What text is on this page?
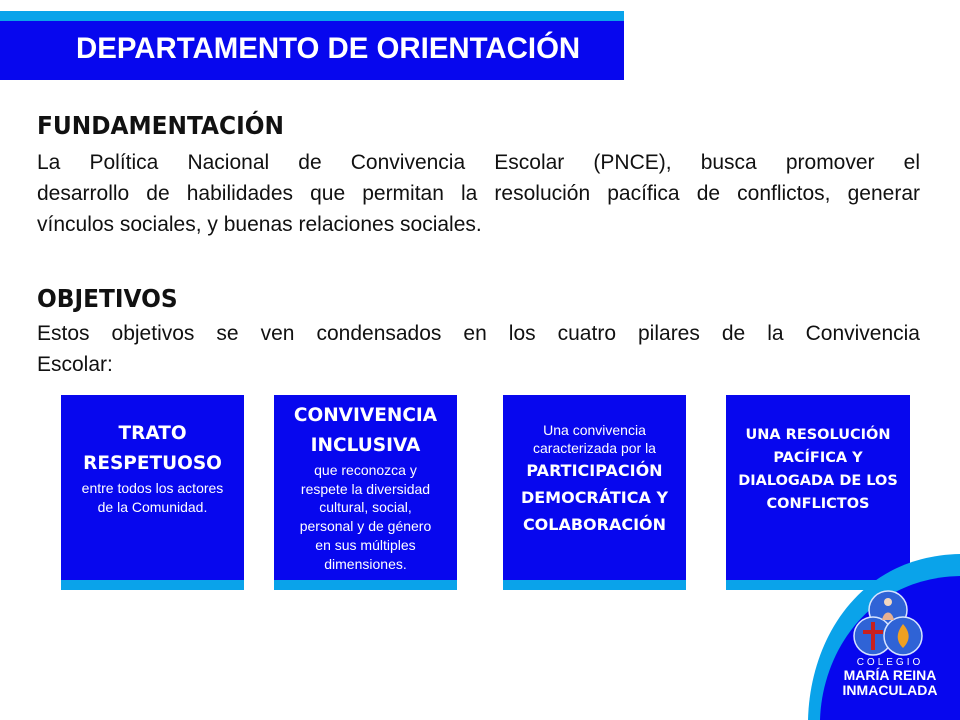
DEPARTAMENTO DE ORIENTACIÓN
FUNDAMENTACIÓN
La Política Nacional de Convivencia Escolar (PNCE), busca promover el
desarrollo de habilidades que permitan la resolución pacífica de conflictos, generar
vínculos sociales, y buenas relaciones sociales.
OBJETIVOS
Estos objetivos se ven condensados en los cuatro pilares de la Convivencia
Escolar:
TRATO
RESPETUOSO
entre todos los actores
de la Comunidad.
CONVIVENCIA
INCLUSIVA
que reconozca y
respete la diversidad
cultural, social,
personal y de género
en sus múltiples
dimensiones.
Una convivencia
caracterizada por la
PARTICIPACIÓN
DEMOCRÁTICA Y
COLABORACIÓN
UNA RESOLUCIÓN
PACÍFICA Y
DIALOGADA DE LOS
CONFLICTOS
COLEGIO
MARÍA REINA
INMACULADA
